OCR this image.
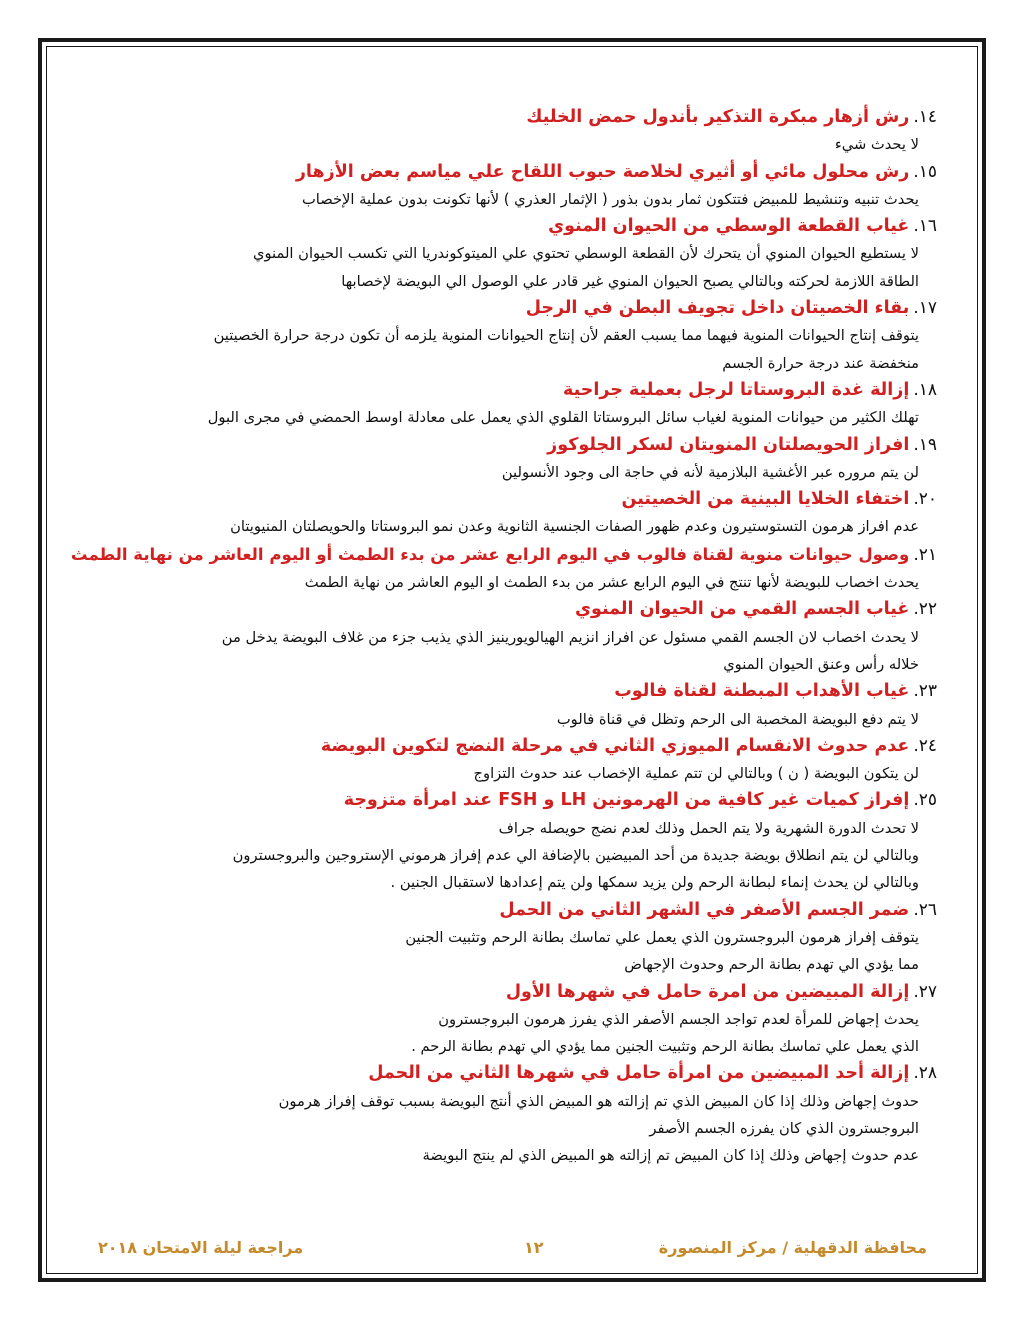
١٤.
رش أزهار مبكرة التذكير بأندول حمض الخليك
لا يحدث شيء
١٥.
رش محلول مائي أو أثيري لخلاصة حبوب اللقاح علي مياسم بعض الأزهار
يحدث تنبيه وتنشيط للمبيض فتتكون ثمار بدون بذور ( الإثمار العذري ) لأنها تكونت بدون عملية الإخصاب
١٦.
غياب القطعة الوسطي من الحيوان المنوي
لا يستطيع الحيوان المنوي أن يتحرك لأن القطعة الوسطي تحتوي علي الميتوكوندريا التي تكسب الحيوان المنوي
الطاقة اللازمة لحركته وبالتالي يصبح الحيوان المنوي غير قادر علي الوصول الي البويضة لإخصابها
١٧.
بقاء الخصيتان داخل تجويف البطن في الرجل
يتوقف إنتاج الحيوانات المنوية فيهما مما يسبب العقم لأن إنتاج الحيوانات المنوية يلزمه أن تكون درجة حرارة الخصيتين
منخفضة عند درجة حرارة الجسم
١٨.
إزالة غدة البروستاتا لرجل بعملية جراحية
تهلك الكثير من حيوانات المنوية لغياب سائل البروستاتا القلوي الذي يعمل على معادلة اوسط الحمضي في مجرى البول
١٩.
افراز الحويصلتان المنويتان لسكر الجلوكوز
لن يتم مروره عبر الأغشية البلازمية لأنه في حاجة الى وجود الأنسولين
٢٠.
اختفاء الخلايا البينية من الخصيتين
عدم افراز هرمون التستوستيرون وعدم ظهور الصفات الجنسية الثانوية وعدن نمو البروستاتا والحويصلتان المنيويتان
٢١.
وصول حيوانات منوية لقناة فالوب في اليوم الرابع عشر من بدء الطمث أو اليوم العاشر من نهاية الطمث
يحدث اخصاب للبويضة لأنها تنتج في اليوم الرابع عشر من بدء الطمث او اليوم العاشر من نهاية الطمث
٢٢.
غياب الجسم القمي من الحيوان المنوي
لا يحدث اخصاب لان الجسم القمي مسئول عن افراز انزيم الهيالويورينيز الذي يذيب جزء من غلاف البويضة يدخل من
خلاله رأس وعنق الحيوان المنوي
٢٣.
غياب الأهداب المبطنة لقناة فالوب
لا يتم دفع البويضة المخصبة الى الرحم وتظل في قناة فالوب
٢٤.
عدم حدوث الانقسام الميوزي الثاني في مرحلة النضج لتكوين البويضة
لن يتكون البويضة ( ن ) وبالتالي لن تتم عملية الإخصاب عند حدوث التزاوج
٢٥.
إفراز كميات غير كافية من الهرمونين LH و FSH عند امرأة متزوجة
لا تحدث الدورة الشهرية ولا يتم الحمل وذلك لعدم نضج حويصله جراف
وبالتالي لن يتم انطلاق بويضة جديدة من أحد المبيضين بالإضافة الي عدم إفراز هرموني الإستروجين والبروجسترون
وبالتالي لن يحدث إنماء لبطانة الرحم ولن يزيد سمكها ولن يتم إعدادها لاستقبال الجنين .
٢٦.
ضمر الجسم الأصفر في الشهر الثاني من الحمل
يتوقف إفراز هرمون البروجسترون الذي يعمل علي تماسك بطانة الرحم وتثبيت الجنين
مما يؤدي الي تهدم بطانة الرحم وحدوث الإجهاض
٢٧.
إزالة المبيضين من امرة حامل في شهرها الأول
يحدث إجهاض للمرأة لعدم تواجد الجسم الأصفر الذي يفرز هرمون البروجسترون
الذي يعمل علي تماسك بطانة الرحم وتثبيت الجنين مما يؤدي الي تهدم بطانة الرحم .
٢٨.
إزالة أحد المبيضين من امرأة حامل في شهرها الثاني من الحمل
حدوث إجهاض وذلك إذا كان المبيض الذي تم إزالته هو المبيض الذي أنتج البويضة بسبب توقف إفراز هرمون
البروجسترون الذي كان يفرزه الجسم الأصفر
عدم حدوث إجهاض وذلك إذا كان المبيض تم إزالته هو المبيض الذي لم ينتج البويضة
محافظة الدقهلية / مركز المنصورة
١٢
مراجعة ليلة الامتحان ٢٠١٨
